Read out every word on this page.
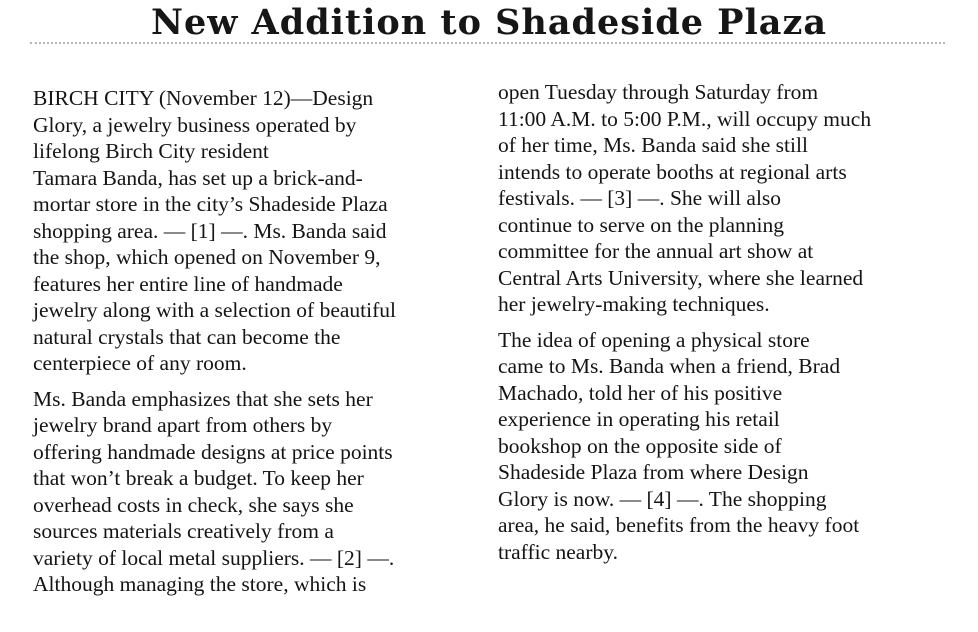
New Addition to Shadeside Plaza

BIRCH CITY (November 12)—Design
Glory, a jewelry business operated by
lifelong Birch City resident
Tamara Banda, has set up a brick-and-
mortar store in the city’s Shadeside Plaza
shopping area. — [1] —. Ms. Banda said
the shop, which opened on November 9,
features her entire line of handmade
jewelry along with a selection of beautiful
natural crystals that can become the
centerpiece of any room.

Ms. Banda emphasizes that she sets her
jewelry brand apart from others by
offering handmade designs at price points
that won’t break a budget. To keep her
overhead costs in check, she says she
sources materials creatively from a
variety of local metal suppliers. — [2] —.
Although managing the store, which is

open Tuesday through Saturday from
11:00 A.M. to 5:00 P.M., will occupy much
of her time, Ms. Banda said she still
intends to operate booths at regional arts
festivals. — [3] —. She will also
continue to serve on the planning
committee for the annual art show at
Central Arts University, where she learned
her jewelry-making techniques.

The idea of opening a physical store
came to Ms. Banda when a friend, Brad
Machado, told her of his positive
experience in operating his retail
bookshop on the opposite side of
Shadeside Plaza from where Design
Glory is now. — [4] —. The shopping
area, he said, benefits from the heavy foot
traffic nearby.
